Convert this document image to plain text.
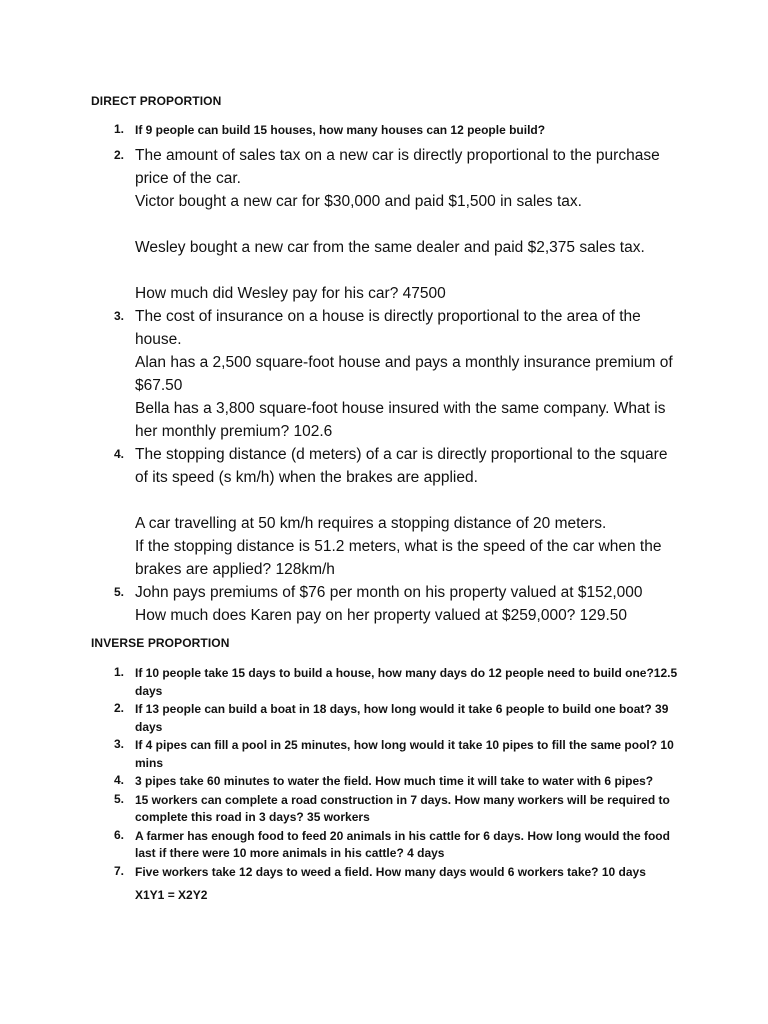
DIRECT PROPORTION
1. If 9 people can build 15 houses, how many houses can 12 people build?
2. The amount of sales tax on a new car is directly proportional to the purchase price of the car.
Victor bought a new car for $30,000 and paid $1,500 in sales tax.
Wesley bought a new car from the same dealer and paid $2,375 sales tax.
How much did Wesley pay for his car? 47500
3. The cost of insurance on a house is directly proportional to the area of the house.
Alan has a 2,500 square-foot house and pays a monthly insurance premium of $67.50
Bella has a 3,800 square-foot house insured with the same company. What is her monthly premium? 102.6
4. The stopping distance (d meters) of a car is directly proportional to the square of its speed (s km/h) when the brakes are applied.
A car travelling at 50 km/h requires a stopping distance of 20 meters.
If the stopping distance is 51.2 meters, what is the speed of the car when the brakes are applied? 128km/h
5. John pays premiums of $76 per month on his property valued at $152,000
How much does Karen pay on her property valued at $259,000? 129.50
INVERSE PROPORTION
1. If 10 people take 15 days to build a house, how many days do 12 people need to build one?12.5 days
2. If 13 people can build a boat in 18 days, how long would it take 6 people to build one boat? 39 days
3. If 4 pipes can fill a pool in 25 minutes, how long would it take 10 pipes to fill the same pool? 10 mins
4. 3 pipes take 60 minutes to water the field. How much time it will take to water with 6 pipes?
5. 15 workers can complete a road construction in 7 days. How many workers will be required to complete this road in 3 days? 35 workers
6. A farmer has enough food to feed 20 animals in his cattle for 6 days. How long would the food last if there were 10 more animals in his cattle? 4 days
7. Five workers take 12 days to weed a field. How many days would 6 workers take? 10 days
X1Y1 = X2Y2
